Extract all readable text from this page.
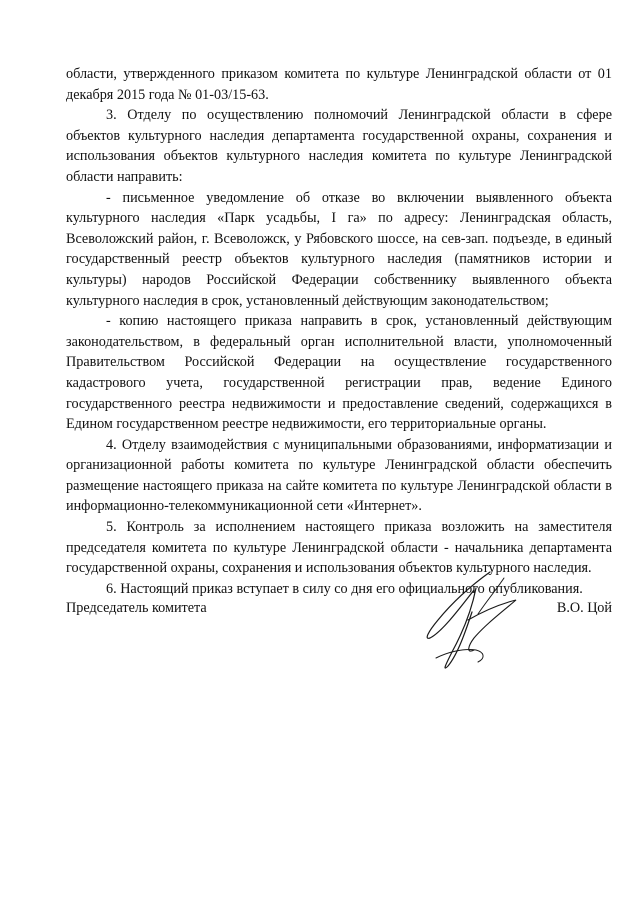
области, утвержденного приказом комитета по культуре Ленинградской области от 01 декабря 2015 года № 01-03/15-63.

3. Отделу по осуществлению полномочий Ленинградской области в сфере объектов культурного наследия департамента государственной охраны, сохранения и использования объектов культурного наследия комитета по культуре Ленинградской области направить:

- письменное уведомление об отказе во включении выявленного объекта культурного наследия «Парк усадьбы, I га» по адресу: Ленинградская область, Всеволожский район, г. Всеволожск, у Рябовского шоссе, на сев-зап. подъезде, в единый государственный реестр объектов культурного наследия (памятников истории и культуры) народов Российской Федерации собственнику выявленного объекта культурного наследия в срок, установленный действующим законодательством;

- копию настоящего приказа направить в срок, установленный действующим законодательством, в федеральный орган исполнительной власти, уполномоченный Правительством Российской Федерации на осуществление государственного кадастрового учета, государственной регистрации прав, ведение Единого государственного реестра недвижимости и предоставление сведений, содержащихся в Едином государственном реестре недвижимости, его территориальные органы.

4. Отделу взаимодействия с муниципальными образованиями, информатизации и организационной работы комитета по культуре Ленинградской области обеспечить размещение настоящего приказа на сайте комитета по культуре Ленинградской области в информационно-телекоммуникационной сети «Интернет».

5. Контроль за исполнением настоящего приказа возложить на заместителя председателя комитета по культуре Ленинградской области - начальника департамента государственной охраны, сохранения и использования объектов культурного наследия.

6. Настоящий приказ вступает в силу со дня его официального опубликования.

Председатель комитета	В.О. Цой
